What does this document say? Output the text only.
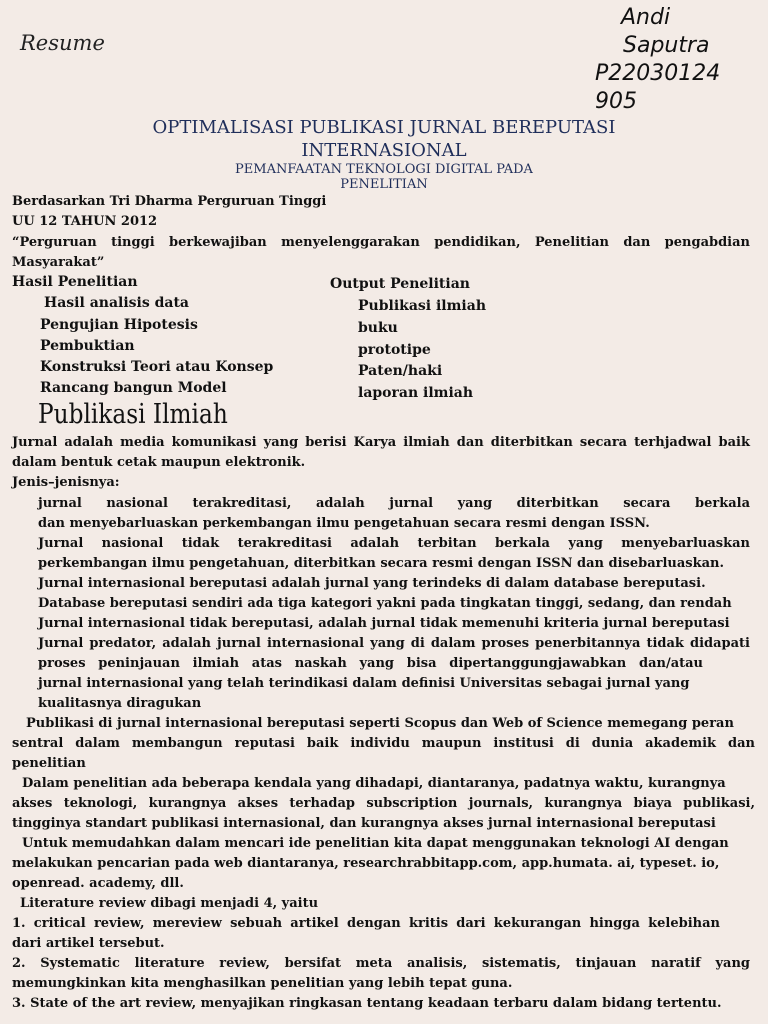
Resume
Andi
Saputra
P22030124
905
OPTIMALISASI PUBLIKASI JURNAL BEREPUTASI
INTERNASIONAL
PEMANFAATAN TEKNOLOGI DIGITAL PADA
PENELITIAN
Berdasarkan Tri Dharma Perguruan Tinggi
UU 12 TAHUN 2012
“Perguruan tinggi berkewajiban menyelenggarakan pendidikan, Penelitian dan pengabdian
Masyarakat”
Hasil Penelitian
Hasil analisis data
Pengujian Hipotesis
Pembuktian
Konstruksi Teori atau Konsep
Rancang bangun Model
Output Penelitian
Publikasi ilmiah
buku
prototipe
Paten/haki
laporan ilmiah
Publikasi Ilmiah
Jurnal adalah media komunikasi yang berisi Karya ilmiah dan diterbitkan secara terhjadwal baik
dalam bentuk cetak maupun elektronik.
Jenis–jenisnya:
jurnal nasional terakreditasi, adalah jurnal yang diterbitkan secara berkala
dan menyebarluaskan perkembangan ilmu pengetahuan secara resmi dengan ISSN.
Jurnal nasional tidak terakreditasi adalah terbitan berkala yang menyebarluaskan
perkembangan ilmu pengetahuan, diterbitkan secara resmi dengan ISSN dan disebarluaskan.
Jurnal internasional bereputasi adalah jurnal yang terindeks di dalam database bereputasi.
Database bereputasi sendiri ada tiga kategori yakni pada tingkatan tinggi, sedang, dan rendah
Jurnal internasional tidak bereputasi, adalah jurnal tidak memenuhi kriteria jurnal bereputasi
Jurnal predator, adalah jurnal internasional yang di dalam proses penerbitannya tidak didapati
proses peninjauan ilmiah atas naskah yang bisa dipertanggungjawabkan dan/atau
jurnal internasional yang telah terindikasi dalam definisi Universitas sebagai jurnal yang
kualitasnya diragukan
Publikasi di jurnal internasional bereputasi seperti Scopus dan Web of Science memegang peran
sentral dalam membangun reputasi baik individu maupun institusi di dunia akademik dan
penelitian
Dalam penelitian ada beberapa kendala yang dihadapi, diantaranya, padatnya waktu, kurangnya
akses teknologi, kurangnya akses terhadap subscription journals, kurangnya biaya publikasi,
tingginya standart publikasi internasional, dan kurangnya akses jurnal internasional bereputasi
Untuk memudahkan dalam mencari ide penelitian kita dapat menggunakan teknologi AI dengan
melakukan pencarian pada web diantaranya, researchrabbitapp.com, app.humata. ai, typeset. io,
openread. academy, dll.
Literature review dibagi menjadi 4, yaitu
1. critical review, mereview sebuah artikel dengan kritis dari kekurangan hingga kelebihan
dari artikel tersebut.
2. Systematic literature review, bersifat meta analisis, sistematis, tinjauan naratif yang
memungkinkan kita menghasilkan penelitian yang lebih tepat guna.
3. State of the art review, menyajikan ringkasan tentang keadaan terbaru dalam bidang tertentu.
